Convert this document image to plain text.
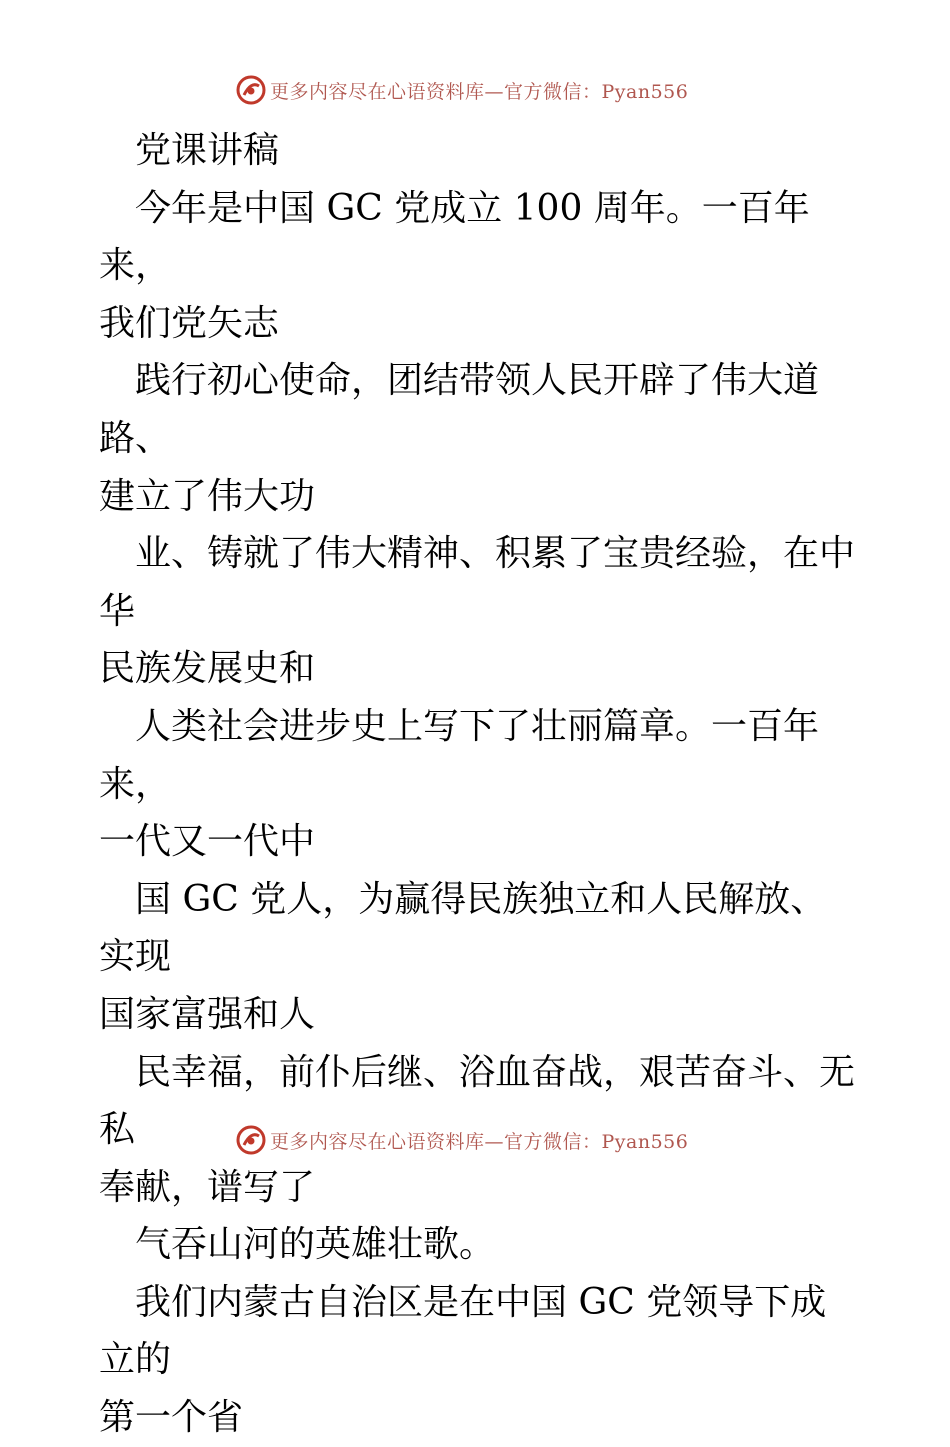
更多内容尽在心语资料库—官方微信：Pyan556

党课讲稿

今年是中国 GC 党成立 100 周年。一百年来，

我们党矢志

践行初心使命，团结带领人民开辟了伟大道路、

建立了伟大功

业、铸就了伟大精神、积累了宝贵经验，在中华

民族发展史和

人类社会进步史上写下了壮丽篇章。一百年来，

一代又一代中

国 GC 党人，为赢得民族独立和人民解放、实现

国家富强和人

民幸福，前仆后继、浴血奋战，艰苦奋斗、无私

奉献，谱写了

气吞山河的英雄壮歌。

我们内蒙古自治区是在中国 GC 党领导下成立的

第一个省

更多内容尽在心语资料库—官方微信：Pyan556
